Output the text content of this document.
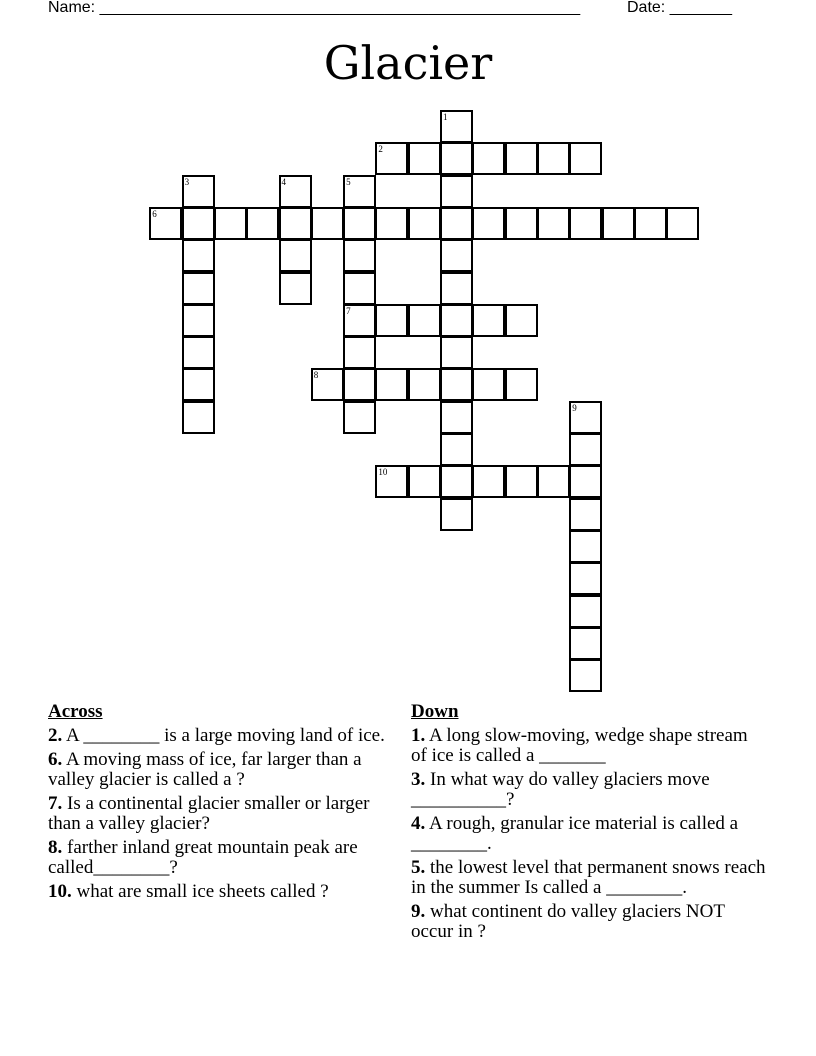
Name: ______________________________________________________	Date: _______
Glacier
1
2
3	4	5
6
7
8
9
10
Across
2. A ________ is a large moving land of ice.
6. A moving mass of ice, far larger than a valley glacier is called a ?
7. Is a continental glacier smaller or larger than a valley glacier?
8. farther inland great mountain peak are called________?
10. what are small ice sheets called ?
Down
1. A long slow-moving, wedge shape stream of ice is called a _______
3. In what way do valley glaciers move __________?
4. A rough, granular ice material is called a ________.
5. the lowest level that permanent snows reach in the summer Is called a ________.
9. what continent do valley glaciers NOT occur in ?
